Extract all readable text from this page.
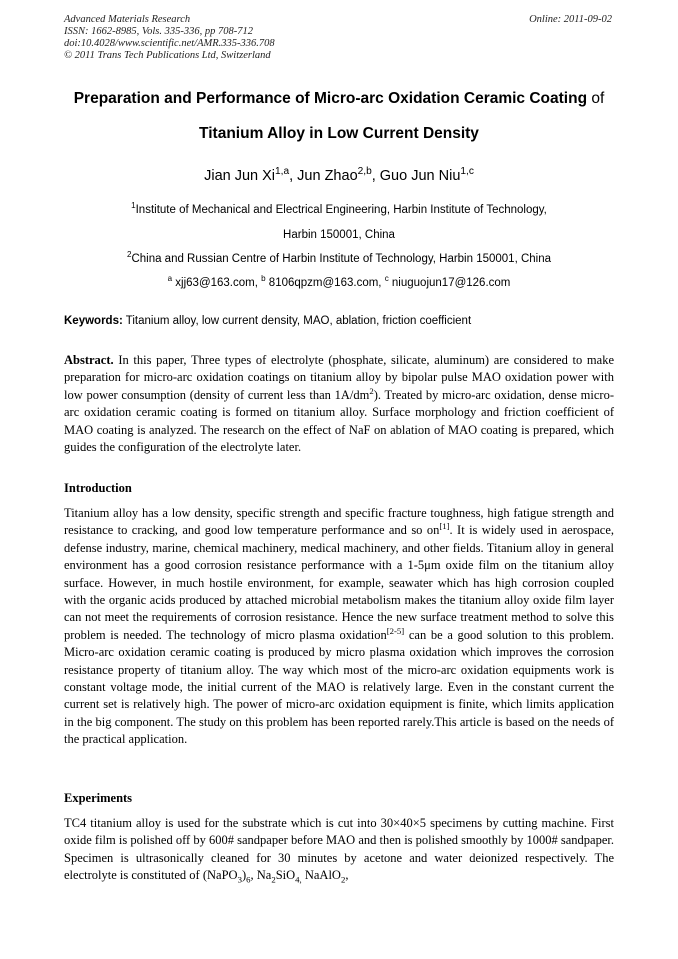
Advanced Materials Research
ISSN: 1662-8985, Vols. 335-336, pp 708-712
doi:10.4028/www.scientific.net/AMR.335-336.708
© 2011 Trans Tech Publications Ltd, Switzerland
Online: 2011-09-02
Preparation and Performance of Micro-arc Oxidation Ceramic Coating of
Titanium Alloy in Low Current Density
Jian Jun Xi$^{1,a}$, Jun Zhao$^{2,b}$, Guo Jun Niu$^{1,c}$
$^1$Institute of Mechanical and Electrical Engineering, Harbin Institute of Technology,
Harbin 150001, China
$^2$China and Russian Centre of Harbin Institute of Technology, Harbin 150001, China
$^a$ xjj63@163.com, $^b$ 8106qpzm@163.com, $^c$ niuguojun17@126.com
Keywords: Titanium alloy, low current density, MAO, ablation, friction coefficient
Abstract. In this paper, Three types of electrolyte (phosphate, silicate, aluminum) are considered to make preparation for micro-arc oxidation coatings on titanium alloy by bipolar pulse MAO oxidation power with low power consumption (density of current less than $1A/dm^2$). Treated by micro-arc oxidation, dense micro-arc oxidation ceramic coating is formed on titanium alloy. Surface morphology and friction coefficient of MAO coating is analyzed. The research on the effect of NaF on ablation of MAO coating is prepared, which guides the configuration of the electrolyte later.
Introduction
Titanium alloy has a low density, specific strength and specific fracture toughness, high fatigue strength and resistance to cracking, and good low temperature performance and so on[1]. It is widely used in aerospace, defense industry, marine, chemical machinery, medical machinery, and other fields. Titanium alloy in general environment has a good corrosion resistance performance with a 1-5μm oxide film on the titanium alloy surface. However, in much hostile environment, for example, seawater which has high corrosion coupled with the organic acids produced by attached microbial metabolism makes the titanium alloy oxide film layer can not meet the requirements of corrosion resistance. Hence the new surface treatment method to solve this problem is needed. The technology of micro plasma oxidation[2-5] can be a good solution to this problem. Micro-arc oxidation ceramic coating is produced by micro plasma oxidation which improves the corrosion resistance property of titanium alloy. The way which most of the micro-arc oxidation equipments work is constant voltage mode, the initial current of the MAO is relatively large. Even in the constant current the current set is relatively high. The power of micro-arc oxidation equipment is finite, which limits application in the big component. The study on this problem has been reported rarely.This article is based on the needs of the practical application.
Experiments
TC4 titanium alloy is used for the substrate which is cut into 30×40×5 specimens by cutting machine. First oxide film is polished off by 600# sandpaper before MAO and then is polished smoothly by 1000# sandpaper. Specimen is ultrasonically cleaned for 30 minutes by acetone and water deionized respectively. The electrolyte is constituted of $(NaPO_3)_6$, $Na_2SiO_{4,}$ NaAlO$_2$,
